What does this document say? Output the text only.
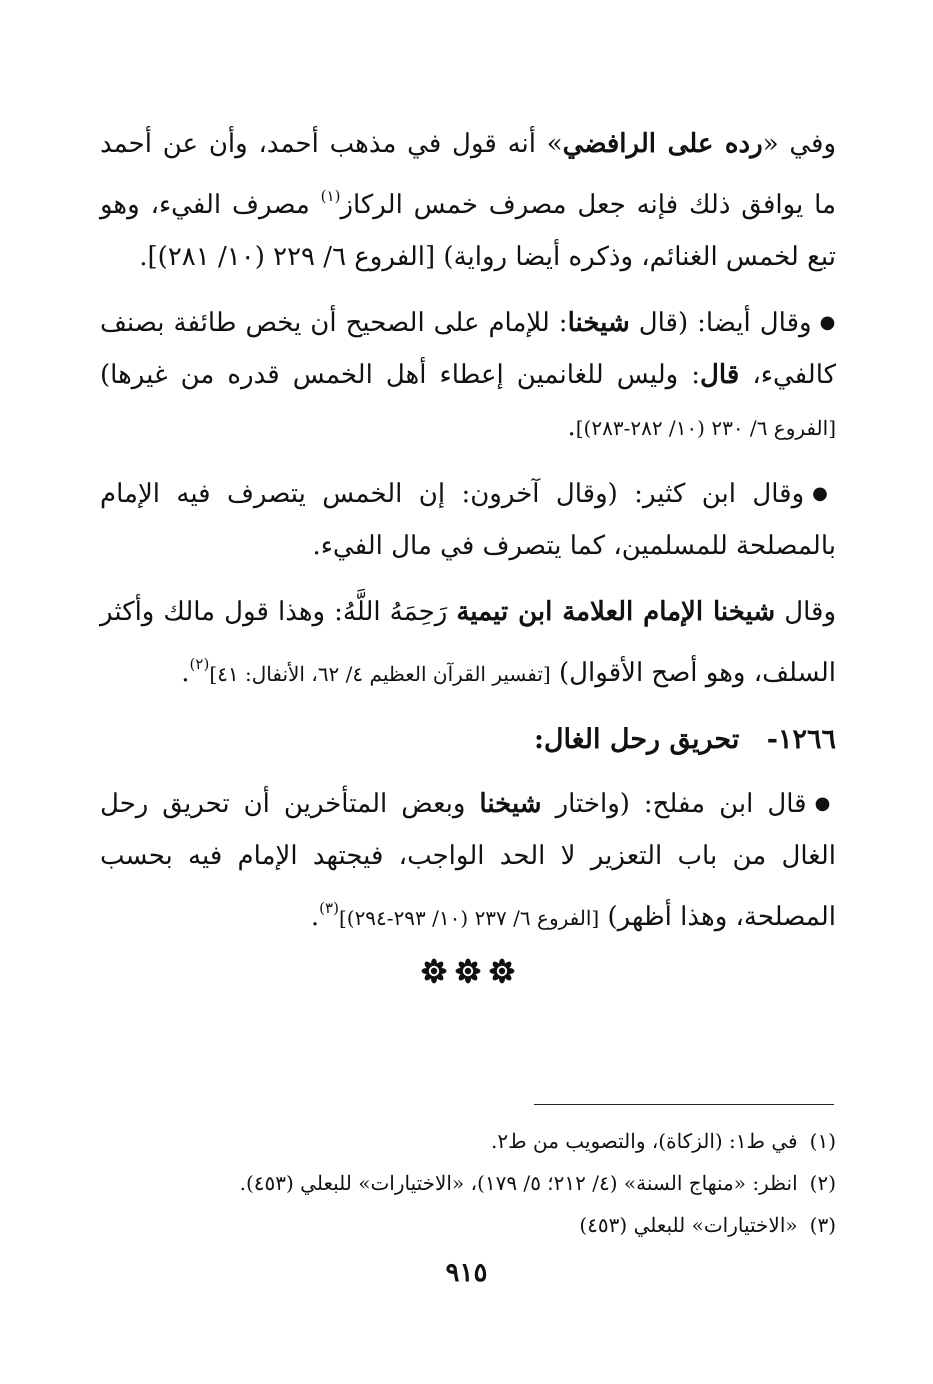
وفي «رده على الرافضي» أنه قول في مذهب أحمد، وأن عن أحمد ما يوافق ذلك فإنه جعل مصرف خمس الركاز$^{(١)}$ مصرف الفيء، وهو تبع لخمس الغنائم، وذكره أيضا رواية) [الفروع ٦/ ٢٢٩ (١٠/ ٢٨١)].

●وقال أيضا: (قال شيخنا: للإمام على الصحيح أن يخص طائفة بصنف كالفيء، قال: وليس للغانمين إعطاء أهل الخمس قدره من غيرها) [الفروع ٦/ ٢٣٠ (١٠/ ٢٨٢-٢٨٣)].

●وقال ابن كثير: (وقال آخرون: إن الخمس يتصرف فيه الإمام بالمصلحة للمسلمين، كما يتصرف في مال الفيء.

وقال شيخنا الإمام العلامة ابن تيمية رَحِمَهُ اللَّهُ: وهذا قول مالك وأكثر السلف، وهو أصح الأقوال) [تفسير القرآن العظيم ٤/ ٦٢، الأنفال: ٤١]$^{(٢)}$.

١٢٦٦- تحريق رحل الغال:

●قال ابن مفلح: (واختار شيخنا وبعض المتأخرين أن تحريق رحل الغال من باب التعزير لا الحد الواجب، فيجتهد الإمام فيه بحسب المصلحة، وهذا أظهر) [الفروع ٦/ ٢٣٧ (١٠/ ٢٩٣-٢٩٤)]$^{(٣)}$.

(١)في ط١: (الزكاة)، والتصويب من ط٢.
(٢)انظر: «منهاج السنة» (٤/ ٢١٢؛ ٥/ ١٧٩)، «الاختيارات» للبعلي (٤٥٣).
(٣)«الاختيارات» للبعلي (٤٥٣)
٩١٥
